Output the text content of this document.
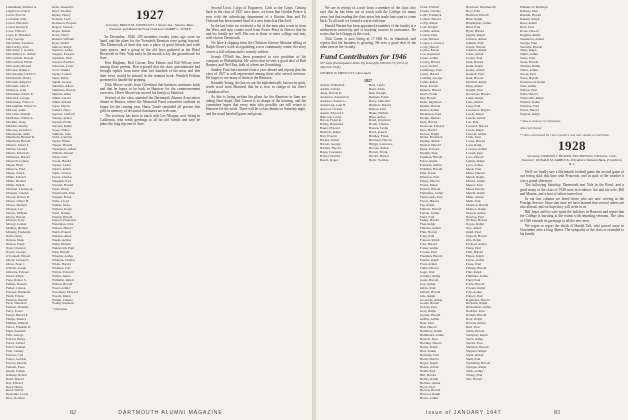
Lindemann, Richard A.
Lippincott, Paul P.
Lorch, Fred W.
Loveland, John
Lovett, Harold E.
Lovell, Robert P.
Lowe, Fellows
Loyd, R. Hickman
Lucy, George
MacAdam, Laurence
MacCarthy, John
McCarthy, J. Gordon
McClelland, C. Arthur
McCormick, Donald
McCormack, Elliott
McCready, Russell
McCune, Ralph C.
McCullough, Ulrich C.
McDermott, Henry
McGrath, Ralph D.
McGrath, John E.
McIntyre, John
McKenzie, Edwin E.
McKellar, George
McKenney, Walter L.
McLaughlin, Walter D.
McLean, Allen
McLellan, Dwight
McManus, Walter A.
Macklin, Doug
Madden, Wesley
Maloney, Donald C.
Manchester, Allan
Mansfield, Herbert R.
Mansfield, Harold
Manzer, James T.
Marble, Donald
Mason, Robert B.
Matthews, Harold
Maxwell, Lyman
Mayer, Hans
Meserve, Fred
Meyer, John L.
Miller, Edward
Miller, Herbert
Miller, Neil R.
Mitchell, Thomas A.
Mongan, Charles
Moody, Robert R.
Moore, Oliver H.
Moore, Richard
Morgan, Lee
Morris, William
Morse, Harold
Morton, Perry
Mowry, Leland
Mullins, Herbert
Murphy, Frederick
Nash, Oscar
Nelson, Dean
Nelson, Frank
Noel, Clarence
Norris, George
O'Connell, Harold
Oliver, George E.
Olson, Peter J.
O'Neill, Joseph
Osborne, Edward
Owen, Ralph
Page, Robert S.
Palmer, Donald
Parker, John A.
Parsons, Burnham
Patch, Edwin
Pearson, Harold
Peck, Theodore
Perkins, Wendell
Perry, Foster
Peters, Harold E.
Phelps, Dudley
Phillips, William
Pierce, Franklin D.
Piper, Kenneth
Platt, George
Pollard, Henry
Porter, Leland
Potter, Samuel
Pratt, Stanley
Preston, Carl
Prince, Gordon
Proctor, Harold
Putnam, Eben
Quinn, Joseph
Ramsey, Robert
Rand, Harold
Ray, Edward
Read, Henry
Reed, Wilbur
Reynolds, Lewis
Rice, Norman
Rider, Russell E.
Riley, Thomas
Ripley, Henry
Roberts, Leon
Robinson, Eugene
Rogers, Vernon
Roper, Daniel
Rowe, Harry
Russell, William
Ryan, Walter
Safford, Ralph
Sanborn, Leslie
Sargent, Edward
Saunders, Paul
Sawyer, Bernard
Schwartz, Louis
Scott, Walker
Seeley, Leland
Shaw, Philip
Shedd, George
Sherman, Albert
Simmons, Harvey
Skinner, Allen
Smith, Gerald
Smith, Roland
Snow, Myron
Somers, Dana
Spencer, Clifford
Stanley, Arthur
Stearns, Frank
Stevens, Ralph
Stone, Walter
Sullivan, John
Swift, Carleton
Taylor, Elmer
Thayer, Harold
Thompson, Alfred
Tibbetts, Robert
Tobin, John
Towle, Harold
Tucker, Lester
Turner, Arthur
Tuttle, Vernon
Upton, Charles
Vaughan, Earl
Vincent, Harold
Wade, Henry
Wadsworth, Paul
Wagner, Frank
Waite, Lloyd
Walker, Dean
Wallace, Roger
Ward, Stanley
Warner, Harold
Warren, Frederick
Waterman, John
Watson, Harold
Webb, Everett
Webster, Allen
Weeks, Arthur
Wells, Herbert
Wentworth, Paul
West, Harold
Wheeler, Arthur
Whipple, Charles
White, Harold
Whitney, Carl
Wilcox, Edward
Wilder, James
Williams, Ralph
Wilson, Harold
Wood, Arthur
Woodbury, Howard
Woods, Ralph
Wright, Chester
Young, Kenneth
* Deceased.
1927
Secretary, BRUCE M. LIPPINCOTT, 1 Sussex Ave., Newton, Mass. Treasurer and Memorial Fund Chairman: HARRY C. TOWLE

In December, 1946, 105 members twenty years ago were on hand, and the plans for the Twentieth Reunion were going forward. The Dartmouth of their day was a place of good friends and wide open spaces, and a group of the old boys gathered at the Hotel Roosevelt in New York early in the month to lay the groundwork for June.

Ken Brigham, Red Carson, Don Palmer and Bill Wilson were among those present. Don reported that the class questionnaire had brought replies from more than two hundred of the men, and that their news would be printed in the reunion book. Wendell Perkins promised to handle the printing.

Dick Moore writes from Cleveland that business continues brisk and that he hopes to be back in Hanover for the commencement exercises. Oliver Moore has moved his family to Hartford.

Several of the class attended the Dartmouth Alumni Association dinner in Boston, where the Memorial Fund committee outlined its hopes for the coming year. Harry Towle reminded all present that gifts in memory of deceased classmates are welcome.

The secretary has been in touch with Lee Morgan, now living in California, who sends greetings to all his old friends and says he plans the long trip east in June.

Second Lieut. Corps of Engineers, Cash to the Corps. Getting back to the class of 1927 once more, we learn that Gordon Prince is now with the advertising department of a Boston firm and Ed Osborne has been named head of a new branch in Hartford.

In the last letter we reviewed a list of the men who wrote in from the West, and now comes word from Foster Perry in Denver that he and his family are well. His son is about to enter college and may well choose Dartmouth.

We have a clipping from the Christian Science Monitor telling of Ralph Owen's work in organizing a new community center; the story covers a full column and is warmly written.

Joseph O'Neill has been promoted to vice president of his company in Philadelphia. He writes that he sees a good deal of Bob Ramsey and Ned Ray, both of whom are flourishing.

Stanley Pratt has returned from a year abroad and reports that the class of 1927 is well represented among those who served overseas. He hopes to see many of them at the Reunion.

Kenneth Young, the last on our list alphabetically but not in spirit, sends word from Montreal that he is now in charge of his firm's Canadian office.

As this is being written the plans for the Reunion in June are taking final shape. Red Carson is in charge of the housing, and the committee hopes that every man who possibly can will return to Hanover for the week. There will be a class dinner on Saturday night, and the usual baseball game and picnic.

82	DARTMOUTH ALUMNI MAGAZINE

We are in receipt of a note from a member of the class who says that he has been out of touch with the College for many years, but that reading the class notes has made him want to come back. To all such we extend a warm welcome.

Harold Warner has been appointed a member of the faculty at a midwestern university and is teaching courses in economics. He writes that he is happy in the work.

Nick Carter is now living at 17 Hill St., in Stamford, and reports that his business is growing. He sees a good deal of the other men in the vicinity.

Fund Contributors for 1946
337 Gifts (Participation Index 35) Total gifts $18,950.73 (105% of objective 1946)
GEORGE W. PRESCOTT, Class Agent
1927
Abbott, William R.
Adams, Gilbert
Allen, Harold D.
Anderson, Kenneth R.
Andrews, Robert G.
Armstrong, John H.
Atwood, Charles
Austin, Edward T.
Babcock, Lester
Bacon, Frank R.
Bailey, Raymond
Baker, Howard
Baldwin, Ralph
Ball, Everett
Barnes, Walter
Barrett, George
Bartlett, Harold
Bates, Lawrence
Baxter, Donald
Beach, Roger
Beal, Lewis
Bean, Alvin
Bell, Dwight
Bennett, Frank
Berry, Malcolm
Bigelow, Harold
Bishop, Paul
Blake, Herbert
Bliss, Arthur
Bond, Raymond
Booth, Charles
Bowen, Leslie
Boyd, Robert
Bradley, Frank
Brewster, Harold
Briggs, Lawrence
Brooks, Arthur
Brown, Frank
Bryant, Horace
Buck, Norman
Clark, Wilfred
Clarke, Charles
Cobb, Frederick
Coburn, Harold
Colby, Ralph
Cole, Dwight
Collins, Arthur
Conant, Paul
Cook, Herbert
Cooper, Lawrence
Corey, Harold
Cotton, Edwin
Cox, Raymond
Crane, Arthur
Crosby, Harold
Cross, Robert
Cummings, Paul
Curtis, Harold
Cushing, George
Cutler, Ralph
Dana, Everett
Daniels, Harold
Davis, Frank
Day, Harold
Dean, Raymond
Dennis, Harold
Dexter, Arthur
Dickinson, Paul
Dodge, Herbert
Dole, Harold
Donovan, Edward
Dorr, Harold
Downs, Ralph
Drake, Frederick
Dudley, Arthur
Dunbar, Harold
Dunn, Edward
Dwight, Paul
Eastman, Harold
Eaton, Ralph
Edwards, Arthur
Eldridge, Harold
Ellis, Frank
Emerson, Paul
Emery, Harold
Evans, Ralph
Everett, Harold
Fairbanks, Arthur
Farnsworth, Paul
Farrar, Harold
Fay, Ralph
Fellows, Harold
Fenton, Arthur
Field, Paul
Fisher, Harold
Fisk, Ralph
Fletcher, Arthur
Flint, Harold
Fogg, Paul
Folsom, Ralph
Foss, Harold
Foster, Arthur
Fowler, Paul
Freeman, Harold
French, Ralph
Frost, Arthur
Fuller, Harold
Gage, Paul
Gardner, Ralph
Gates, Harold
Gay, Arthur
Gibbs, Paul
Gilbert, Harold
Gile, Ralph
Goodwin, Arthur
Gould, Harold
Graves, Paul
Gray, Ralph
Greene, Harold
Griffin, Arthur
Hale, Paul
Hall, Harold
Hamilton, Ralph
Hammond, Arthur
Hanson, Paul
Harding, Harold
Harris, Ralph
Hart, Arthur
Hastings, Paul
Hatch, Harold
Hayes, Ralph
Hazen, Arthur
Heath, Paul
Hill, Harold
Hobbs, Ralph
Holmes, Arthur
Hood, Paul
Horton, Harold
Howard, Ralph
Howe, Arthur
Howland, Newman M.
Hoyt, Paul
Hubbard, Harold
Hunt, Ralph
Huntington, Arthur
Hurd, Paul
Hyde, Harold
Ingalls, Ralph
Jackson, Arthur
Jenkins, Paul
Jewett, Harold
Johnson, Ralph
Jones, Arthur
Jordan, Paul
Judd, Harold
Keith, Ralph
Kelley, Arthur
Kendall, Paul
Kent, Harold
Kimball, Ralph
King, Arthur
Knight, Paul
Knowlton, Harold
Lamb, Ralph
Lane, Arthur
Lang, Paul
Lawrence, Harold
Leach, Ralph
Leavitt, Arthur
Lee, Paul
Leonard, Harold
Lewis, Ralph
Lincoln, Arthur
Little, Paul
Locke, Harold
Lord, Ralph
Lovejoy, Arthur
Lowell, Paul
Luce, Harold
Lyman, Ralph
Lyon, Arthur
Mack, Paul
Mann, Harold
Marsh, Ralph
Martin, Arthur
Mason, Paul
Mead, Harold
Merrill, Ralph
Miles, Arthur
Mills, Paul
Moulton, Harold
Munroe, Ralph
Newell, Arthur
Newton, Paul
Nichols, Harold
Noyes, Ralph
Nye, Arthur
Odell, Paul
Osgood, Harold
Otis, Ralph
Packard, Arthur
Paine, Paul
Park, Harold
Patten, Ralph
Payne, Arthur
Pease, Paul
Penney, Harold
Pike, Ralph
Plummer, Arthur
Pond, Paul
Poole, Harold
Powers, Ralph
Pray, Arthur
Putney, Paul
Raymond, Harold
Richards, Ralph
Richardson, Arthur
Robbins, Paul
Rollins, Harold
Root, Ralph
Rowell, Arthur
Rust, Paul
Sabin, Harold
Sampson, Ralph
Sears, Arthur
Sewall, Paul
Shattuck, Harold
Shepard, Ralph
Slade, Arthur
Snell, Paul
Spaulding, Harold
Sprague, Ralph
Stark, Arthur
Strong, Paul
Taft, Harold
Putnam, W. Rudolph
Ramsay, Paul
Randall, Harold
Ranney, Ralph
Reed, Arthur
Rich, Paul
Rowe, Harold
Ruggles, Ralph
Sanderson, Arthur
Savage, Paul
Sawtelle, Harold
Shaw, Ralph
Smith, Arthur
Stone, Paul
Swan, Harold
Thomas, Ralph
Tilton, Arthur
Tower, Paul
Tracy, Harold
Underwood, Ralph
Wait, Arthur
Walton, Paul
Weld, Harold
Whitcomb, Ralph
Willard, Arthur
Winslow, Paul
Wood, Harold
Wyman, Ralph
* Also in memory of classmates.
Also contributed
** Also contributed for class members who were unable to contribute.
1928
Secretary, OSMOND J. BUTLER, Pine Hill Farm, Old Lyme, Conn. Treasurer: DONALD M. ZARBOCK, Providence National Bank, Providence, R. I.

Well, we finally saw a Dartmouth football game the second game of our losing skid, this time with Princeton, and in spite of the weather it was a grand afternoon.

The following Saturday, Dartmouth met Yale in the Bowl, and a good many of the class of 1928 were in evidence. Joe and his wife, Bill and Marian, and a host of others turned out.

In our last column we listed those who are now serving in the Foreign Service. Since that time we have learned that several others are also abroad, and we hope they will write to us.

Bill Jones and his wife spent the holidays in Hanover and report that the College is bursting at the seams with returning veterans. The class of 1928 extends its greetings to all the new men.

We regret to report the death of Harold Taft, who passed away in November after a long illness. The sympathy of the class is extended to his family.

Issue of JANUARY 1947	83
